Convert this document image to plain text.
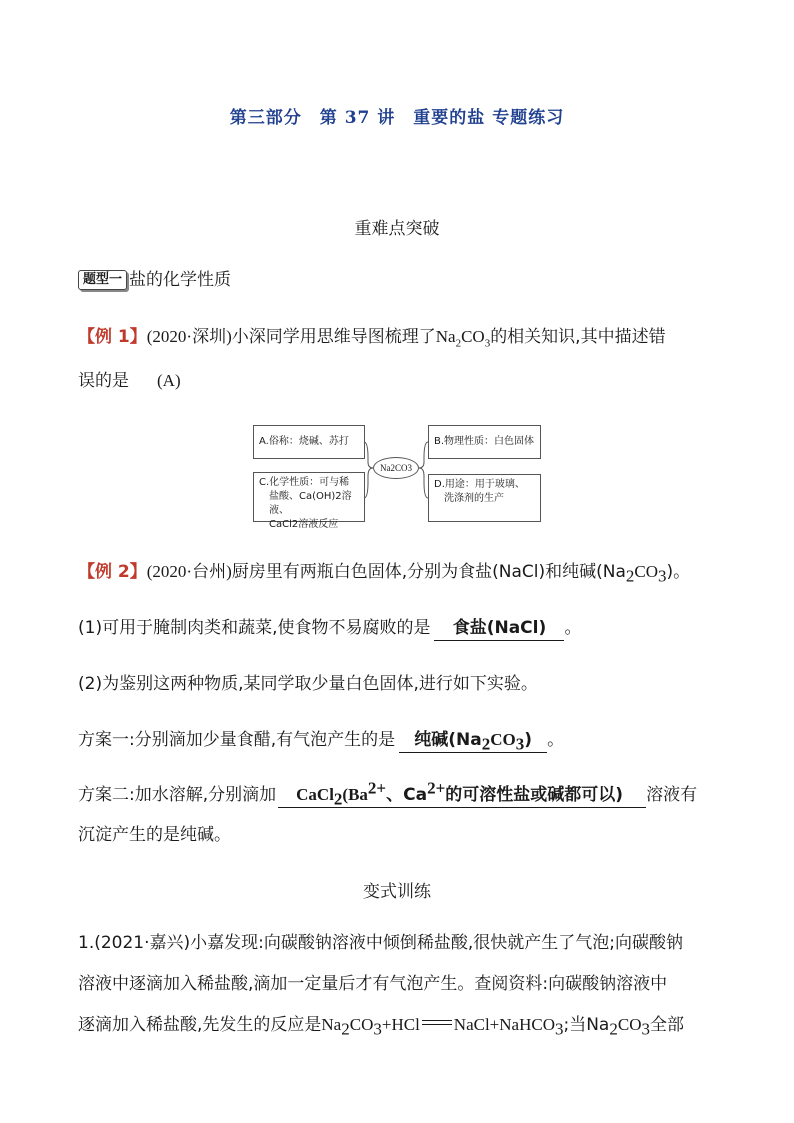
第三部分　第 37 讲　重要的盐 专题练习
重难点突破
题型一 盐的化学性质
【例 1】(2020·深圳)小深同学用思维导图梳理了$Na_2CO_3$的相关知识,其中描述错
误的是 (A)
A.俗称：烧碱、苏打	B.物理性质：白色固体
C.化学性质：可与稀
盐酸、Ca(OH)2溶液、
CaCl2溶液反应
D.用途：用于玻璃、
洗涤剂的生产
Na2CO3
【例 2】(2020·台州)厨房里有两瓶白色固体,分别为食盐(NaCl)和纯碱$(Na_2CO_3)$。
(1)可用于腌制肉类和蔬菜,使食物不易腐败的是 食盐(NaCl) 。
(2)为鉴别这两种物质,某同学取少量白色固体,进行如下实验。
方案一:分别滴加少量食醋,有气泡产生的是 纯碱$(Na_2CO_3)$ 。
方案二:加水溶解,分别滴加 $CaCl_2(Ba^{2+}$、$Ca^{2+}$的可溶性盐或碱都可以) 溶液有
沉淀产生的是纯碱。
变式训练
1.(2021·嘉兴)小嘉发现:向碳酸钠溶液中倾倒稀盐酸,很快就产生了气泡;向碳酸钠
溶液中逐滴加入稀盐酸,滴加一定量后才有气泡产生。查阅资料:向碳酸钠溶液中
逐滴加入稀盐酸,先发生的反应是$Na_2CO_3+HCl$ NaCl+NaHCO$_3$;当$Na_2CO_3$全部
